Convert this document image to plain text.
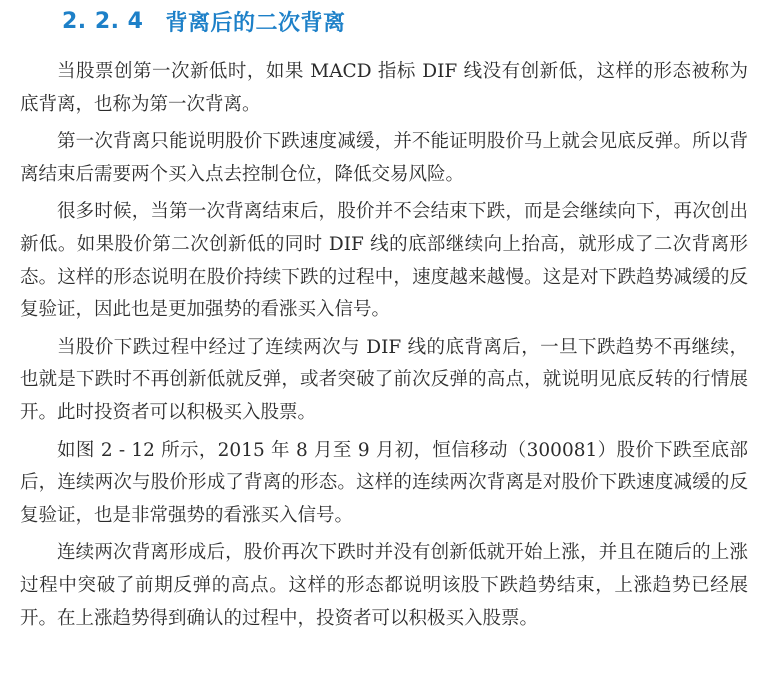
2. 2. 4 背离后的二次背离

当股票创第一次新低时，如果 MACD 指标 DIF 线没有创新低，这样的形态被称为底背离，也称为第一次背离。

第一次背离只能说明股价下跌速度减缓，并不能证明股价马上就会见底反弹。所以背离结束后需要两个买入点去控制仓位，降低交易风险。

很多时候，当第一次背离结束后，股价并不会结束下跌，而是会继续向下，再次创出新低。如果股价第二次创新低的同时 DIF 线的底部继续向上抬高，就形成了二次背离形态。这样的形态说明在股价持续下跌的过程中，速度越来越慢。这是对下跌趋势减缓的反复验证，因此也是更加强势的看涨买入信号。

当股价下跌过程中经过了连续两次与 DIF 线的底背离后，一旦下跌趋势不再继续，也就是下跌时不再创新低就反弹，或者突破了前次反弹的高点，就说明见底反转的行情展开。此时投资者可以积极买入股票。

如图 2 - 12 所示，2015 年 8 月至 9 月初，恒信移动（300081）股价下跌至底部后，连续两次与股价形成了背离的形态。这样的连续两次背离是对股价下跌速度减缓的反复验证，也是非常强势的看涨买入信号。

连续两次背离形成后，股价再次下跌时并没有创新低就开始上涨，并且在随后的上涨过程中突破了前期反弹的高点。这样的形态都说明该股下跌趋势结束，上涨趋势已经展开。在上涨趋势得到确认的过程中，投资者可以积极买入股票。
